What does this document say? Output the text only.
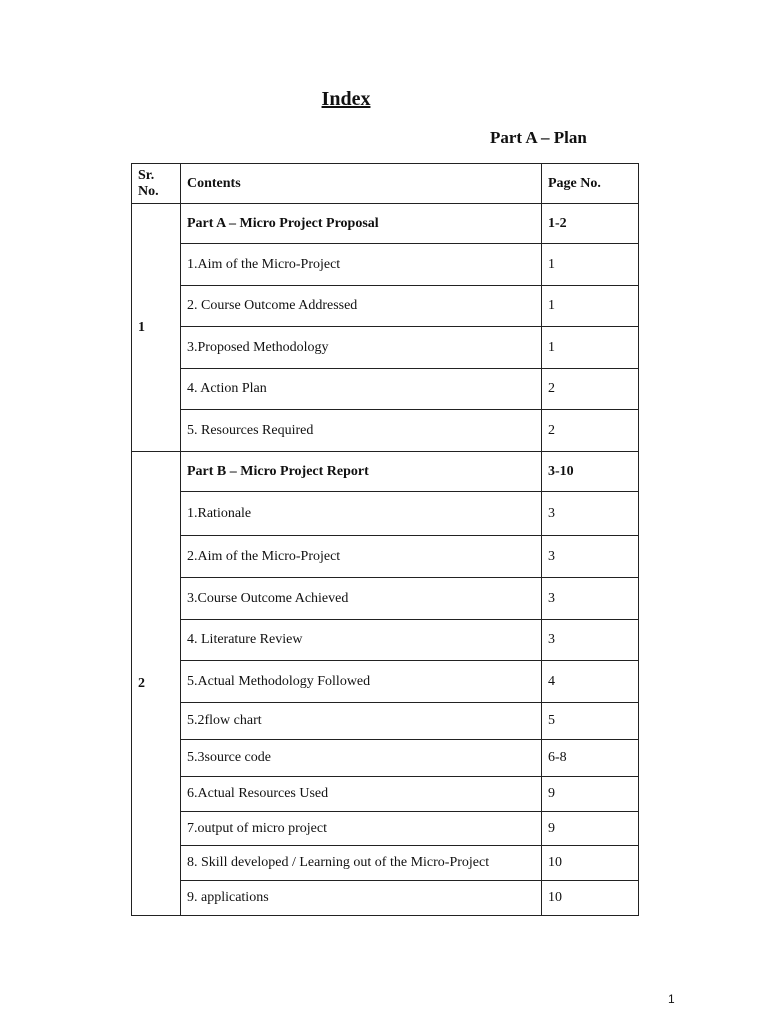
Index
Part A – Plan
Sr.
No.	Contents	Page No.
1	Part A – Micro Project Proposal	1-2
	1.Aim of the Micro-Project	1
	2. Course Outcome Addressed	1
	3.Proposed Methodology	1
	4. Action Plan	2
	5. Resources Required	2
2	Part B – Micro Project Report	3-10
	1.Rationale	3
	2.Aim of the Micro-Project	3
	3.Course Outcome Achieved	3
	4. Literature Review	3
	5.Actual Methodology Followed	4
	5.2flow chart	5
	5.3source code	6-8
	6.Actual Resources Used	9
	7.output of micro project	9
	8. Skill developed / Learning out of the Micro-Project	10
	9. applications	10
1
